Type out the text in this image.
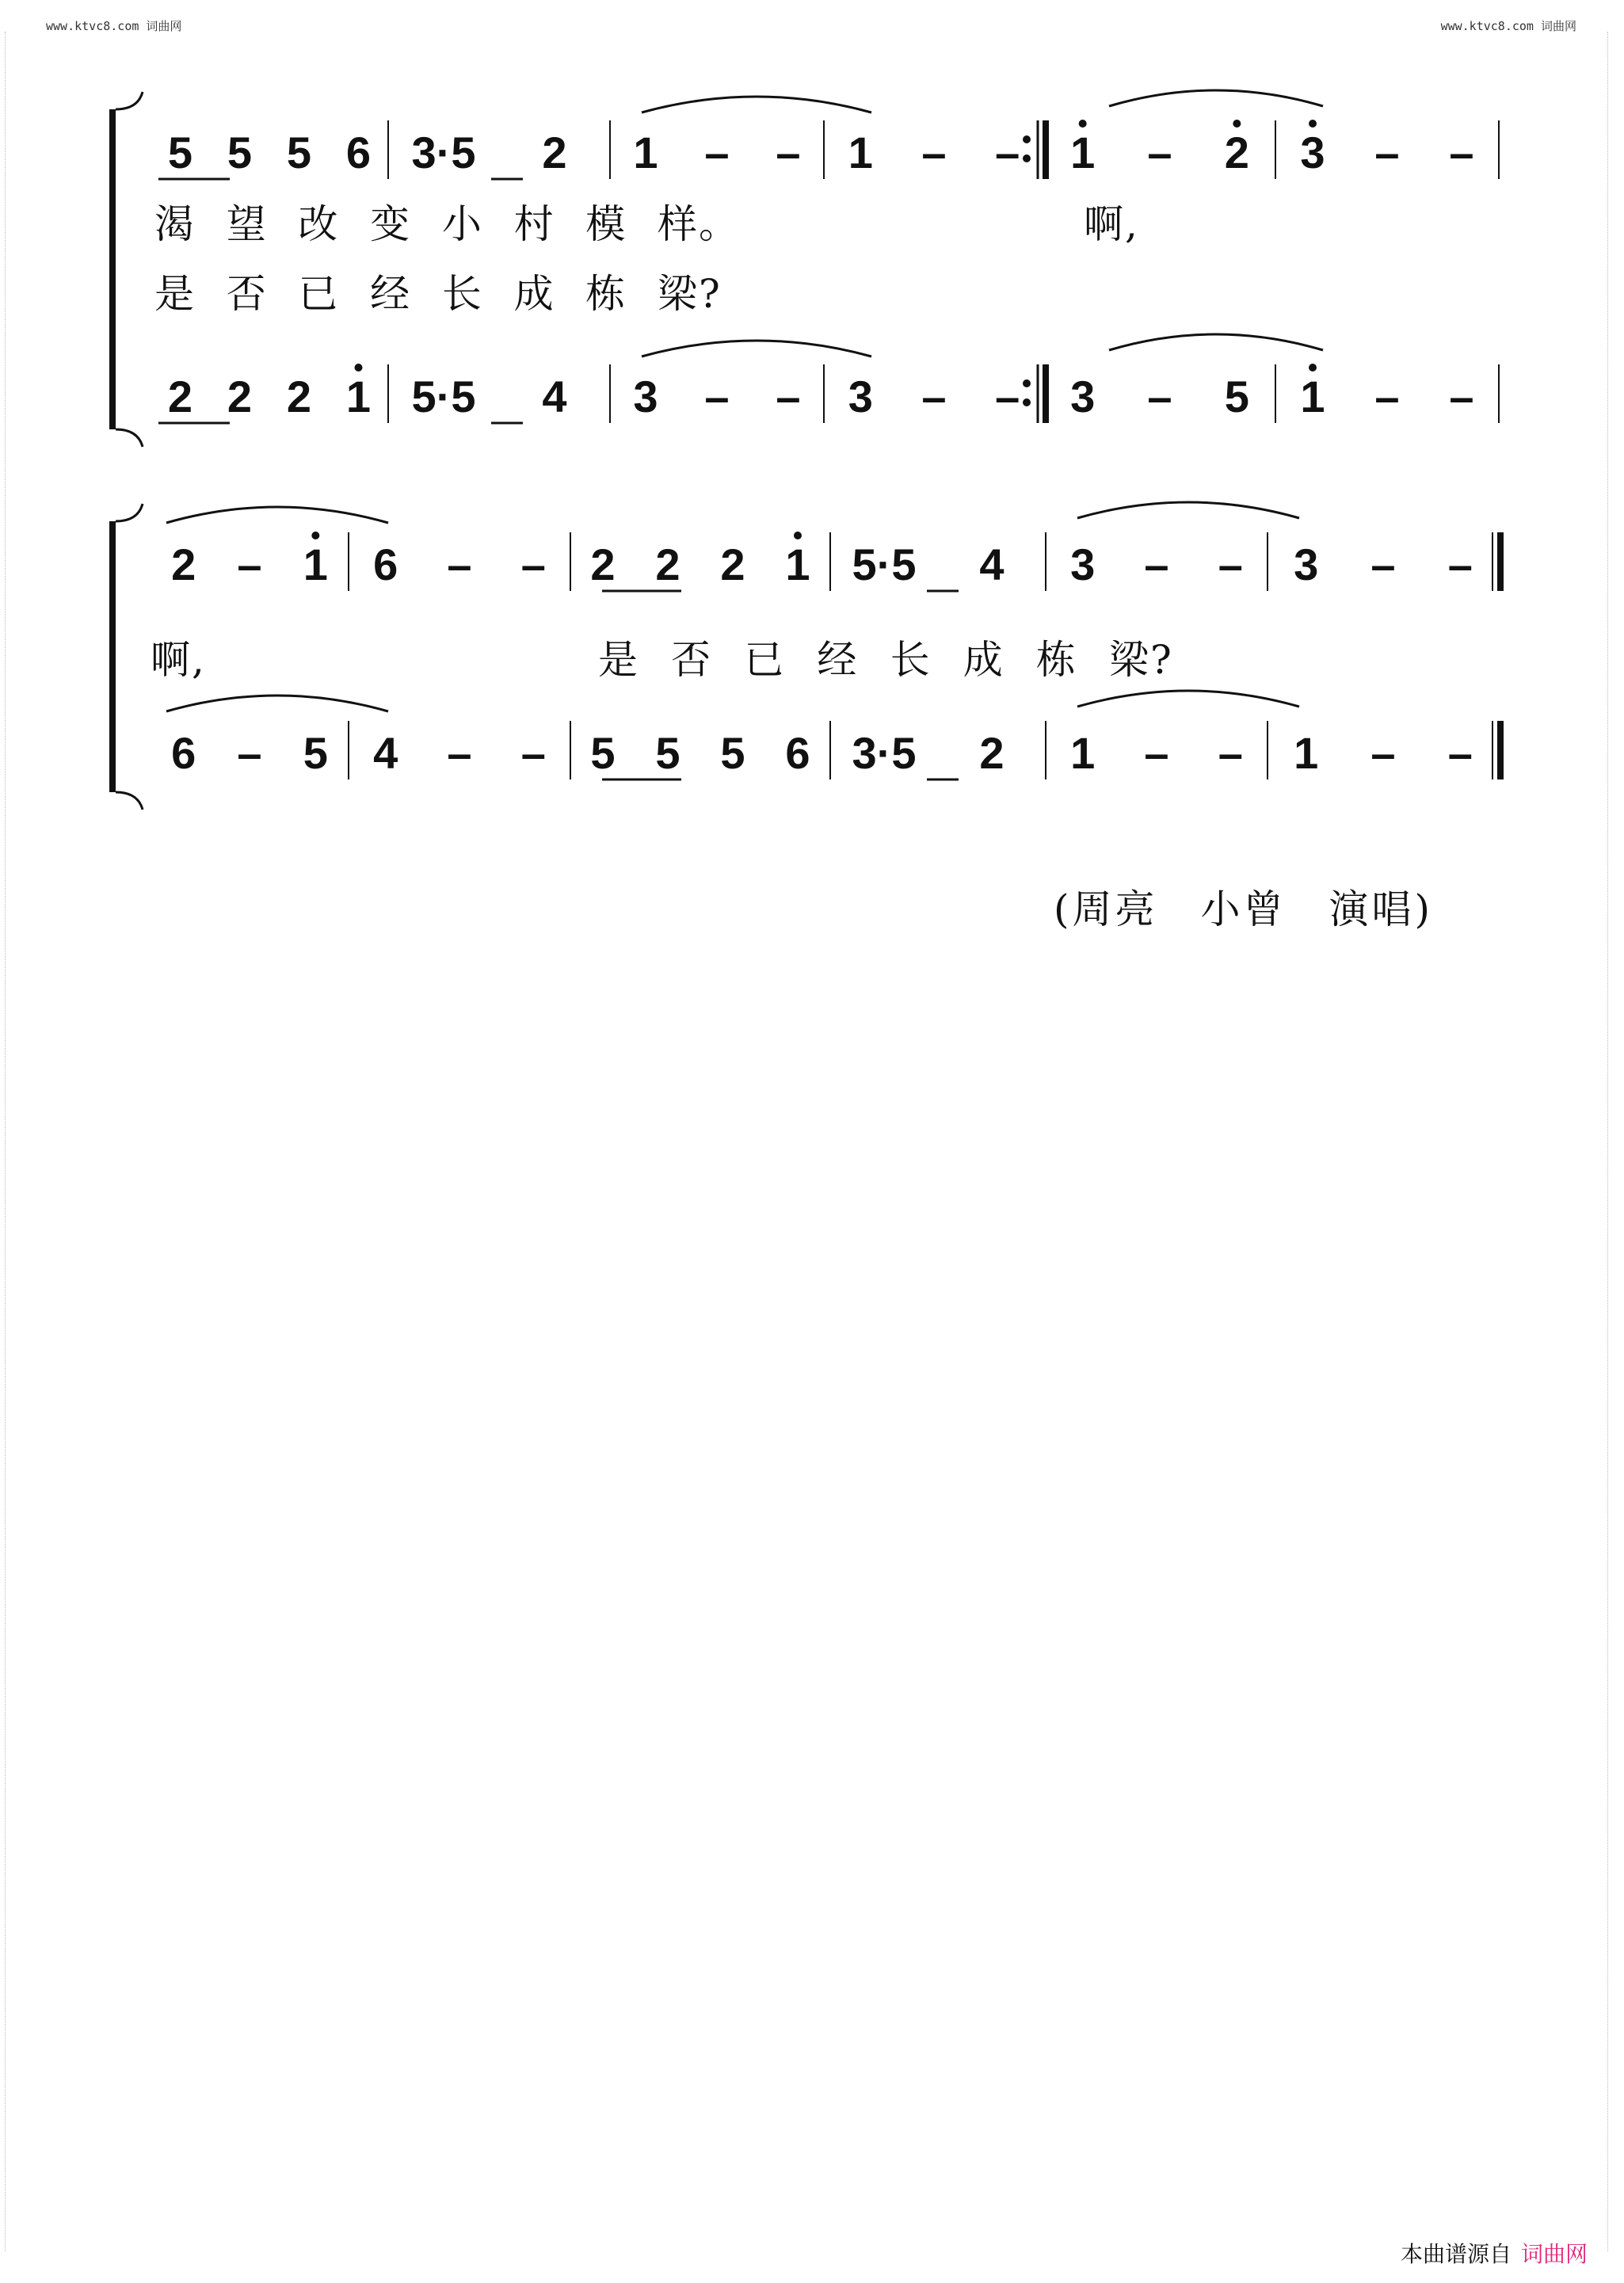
www.ktvc8.com 词曲网	www.ktvc8.com 词曲网
5 5 5 6 3·5 2 1 – – 1 – – 1 – 2 3 – –
2 2 2 1 5·5 4 3 – – 3 – – 3 – 5 1 – –
渴 望 改 变 小 村 模 样。	啊,
是 否 已 经 长 成 栋 梁?
2 – 1 6 – – 2 2 2 1 5·5 4 3 – – 3 – –
6 – 5 4 – – 5 5 5 6 3·5 2 1 – – 1 – –
啊,	是 否 已 经 长 成 栋 梁?
(周亮　小曾　演唱)
本曲谱源自 词曲网
